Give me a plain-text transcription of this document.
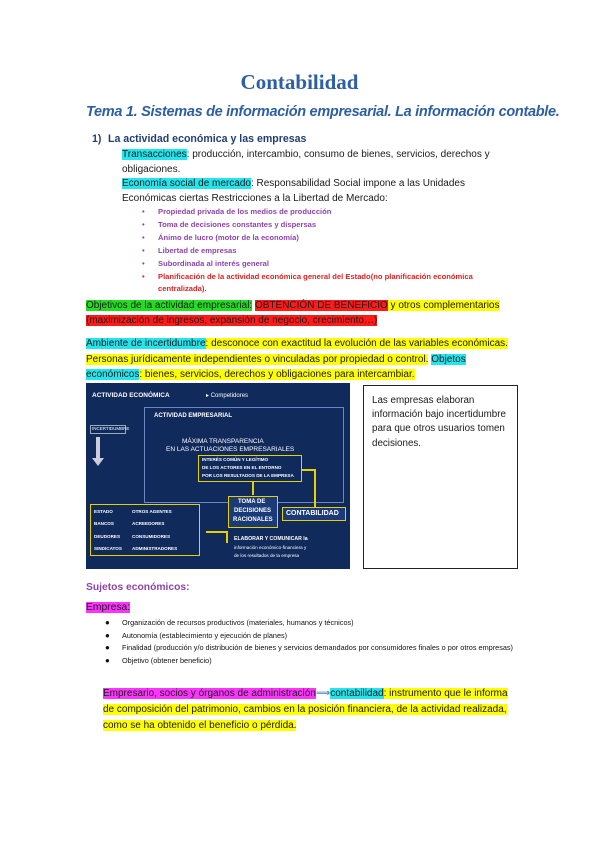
Contabilidad
Tema 1. Sistemas de información empresarial. La información contable.
1) La actividad económica y las empresas
Transacciones: producción, intercambio, consumo de bienes, servicios, derechos y obligaciones.
Economía social de mercado: Responsabilidad Social impone a las Unidades Económicas ciertas Restricciones a la Libertad de Mercado:
• Propiedad privada de los medios de producción
• Toma de decisiones constantes y dispersas
• Ánimo de lucro (motor de la economía)
• Libertad de empresas
• Subordinada al interés general
• Planificación de la actividad económica general del Estado(no planificación económica centralizada).
Objetivos de la actividad empresarial: OBTENCIÓN DE BENEFICIO y otros complementarios
(maximización de ingresos, expansión de negocio, crecimiento…)
Ambiente de incertidumbre: desconoce con exactitud la evolución de las variables económicas. Personas jurídicamente independientes o vinculadas por propiedad o control. Objetos económicos: bienes, servicios, derechos y obligaciones para intercambiar.
ACTIVIDAD ECONÓMICA	▸ Competidores
INCERTIDUMBRE
ACTIVIDAD EMPRESARIAL
MÁXIMA TRANSPARENCIA
EN LAS ACTUACIONES EMPRESARIALES
INTERÉS COMÚN Y LEGÍTIMO
DE LOS ACTORES EN EL ENTORNO
POR LOS RESULTADOS DE LA EMPRESA
TOMA DE
DECISIONES
RACIONALES
CONTABILIDAD
ESTADO	OTROS AGENTES
BANCOS	ACREEDORES
DEUDORES	CONSUMIDORES
SINDICATOS ADMINISTRADORES
ELABORAR Y COMUNICAR la
información económico-financiera y
de los resultados de la empresa
Las empresas elaboran información bajo incertidumbre para que otros usuarios tomen decisiones.
Sujetos económicos:
Empresa:
● Organización de recursos productivos (materiales, humanos y técnicos)
● Autonomía (establecimiento y ejecución de planes)
● Finalidad (producción y/o distribución de bienes y servicios demandados por consumidores finales o por otros empresas)
● Objetivo (obtener beneficio)
Empresario, socios y órganos de administración⟹contabilidad: instrumento que le informa de composición del patrimonio, cambios en la posición financiera, de la actividad realizada, como se ha obtenido el beneficio o pérdida.
